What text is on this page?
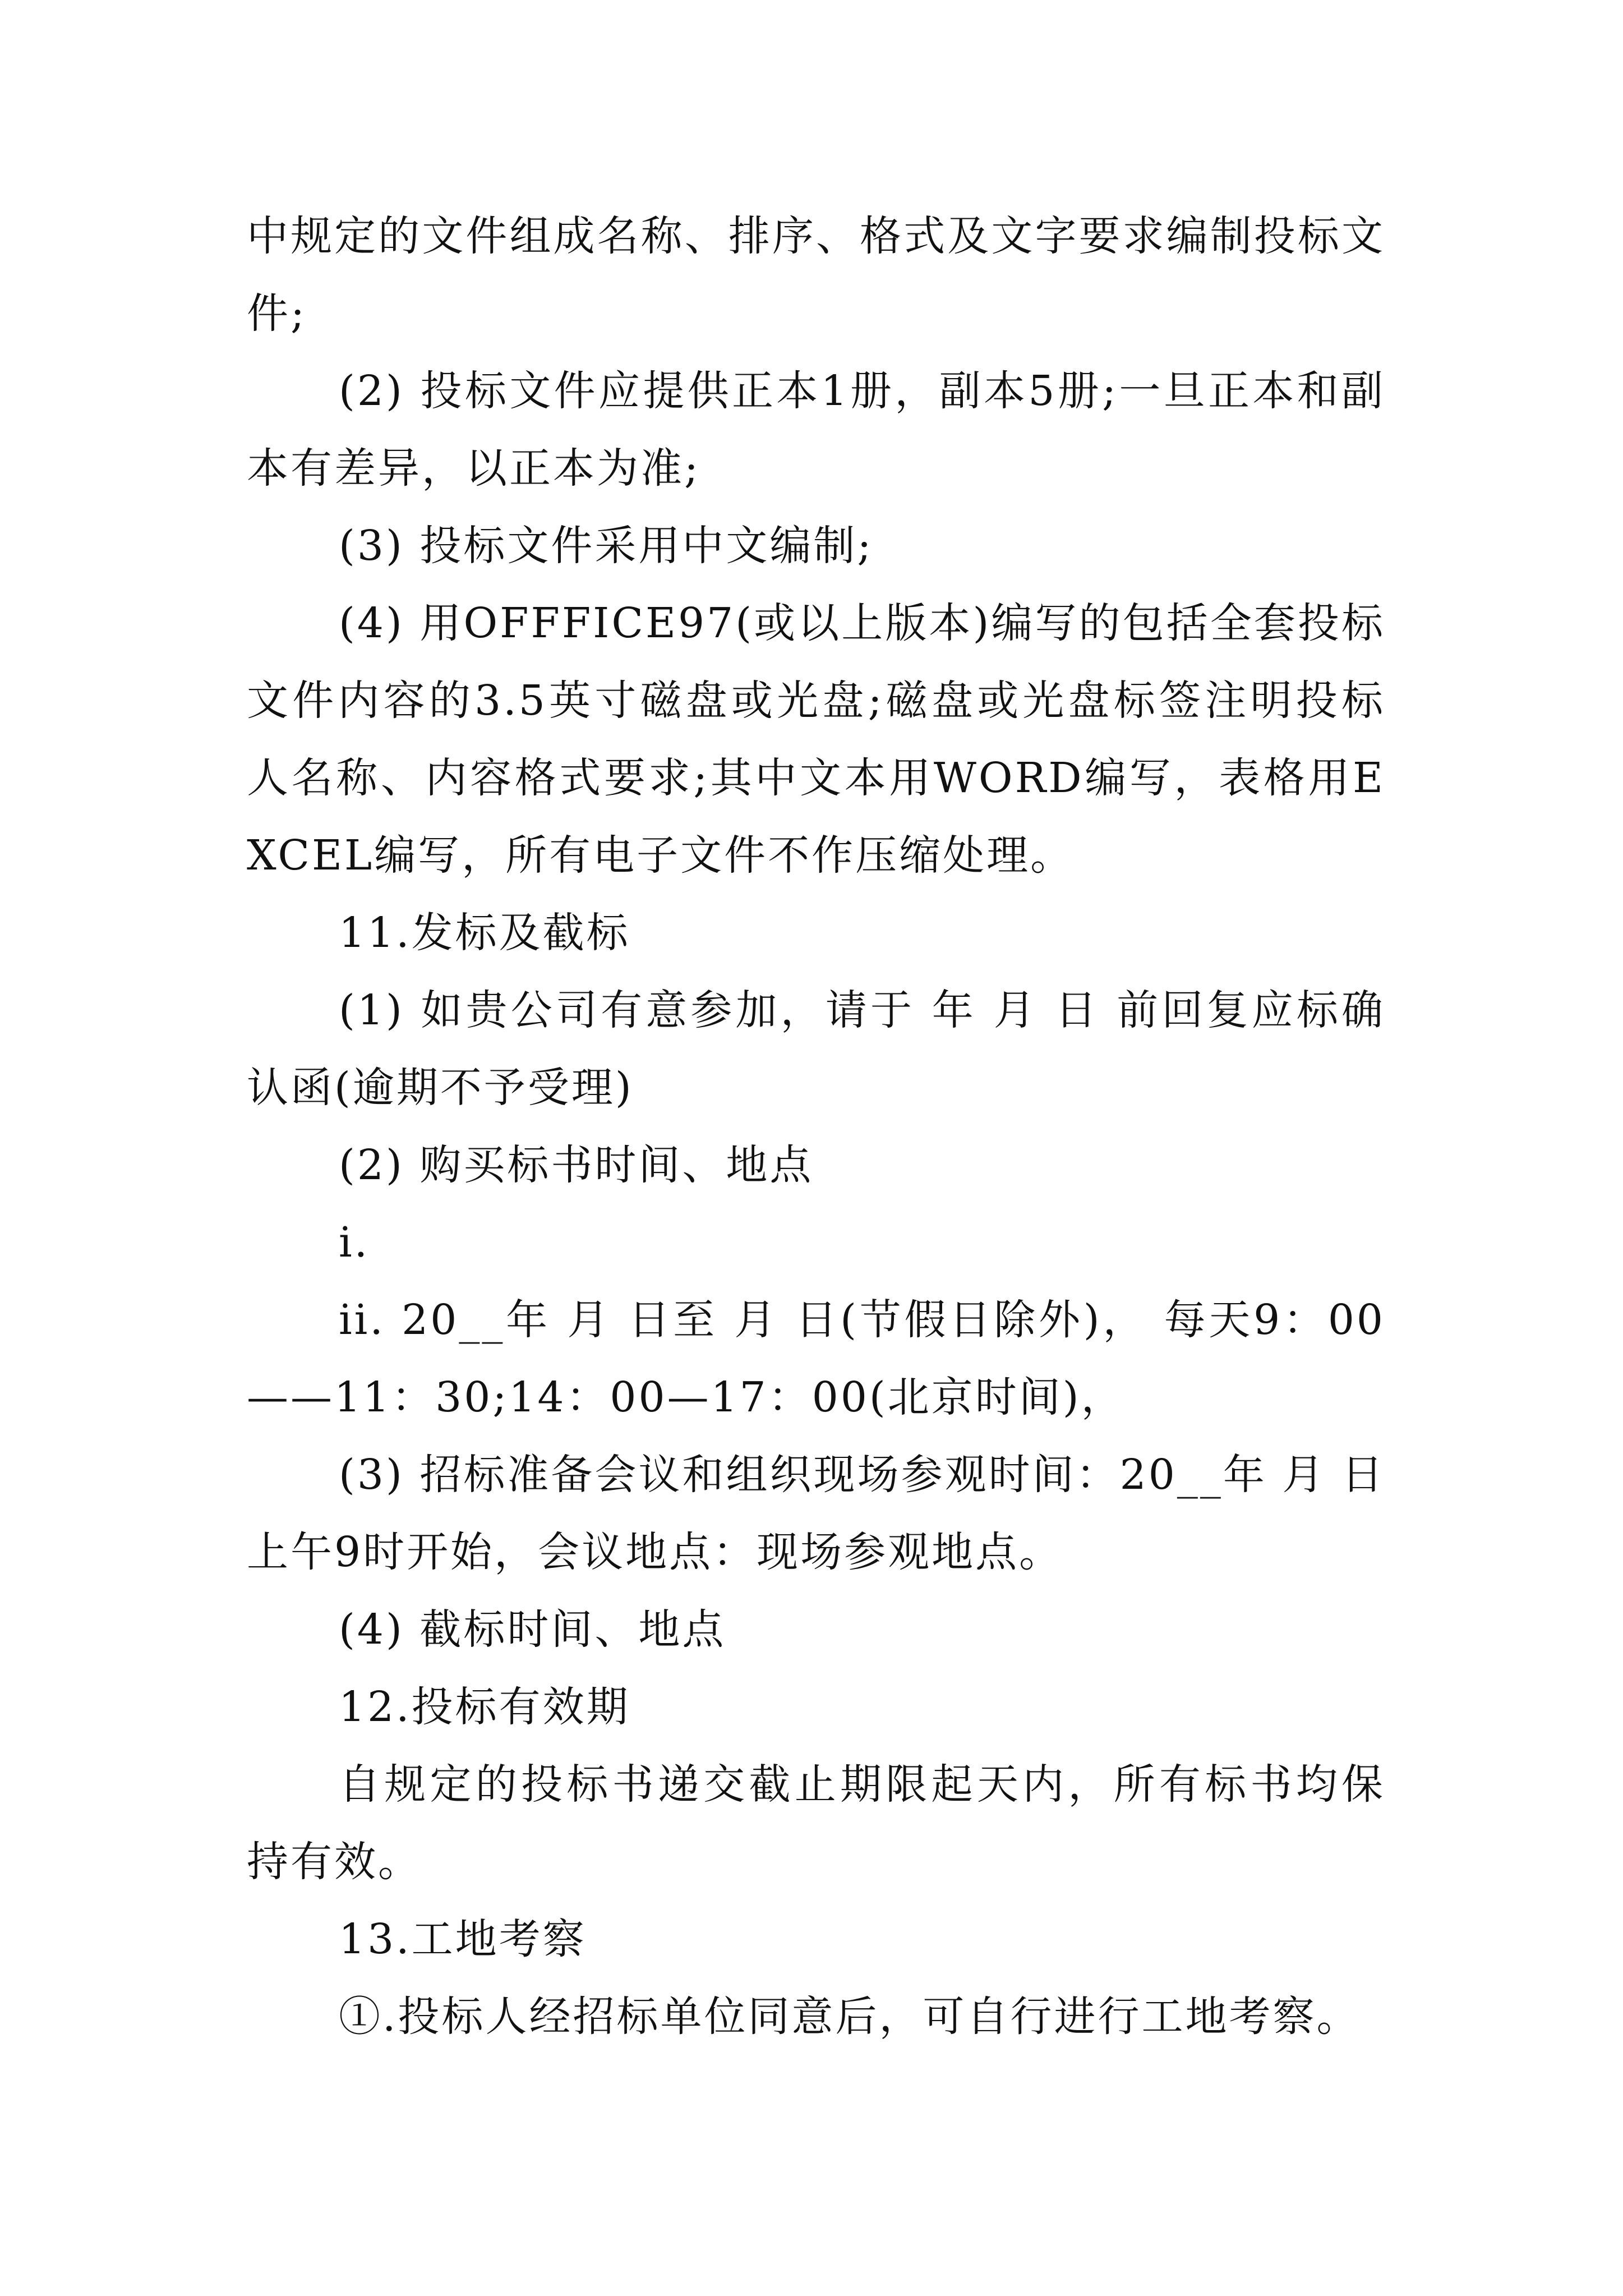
中规定的文件组成名称、排序、格式及文字要求编制投标文件;

(2) 投标文件应提供正本1册，副本5册;一旦正本和副本有差异，以正本为准;

(3) 投标文件采用中文编制;

(4) 用OFFFICE97(或以上版本)编写的包括全套投标文件内容的3.5英寸磁盘或光盘;磁盘或光盘标签注明投标人名称、内容格式要求;其中文本用WORD编写，表格用EXCEL编写，所有电子文件不作压缩处理。

11.发标及截标

(1) 如贵公司有意参加，请于 年 月 日 前回复应标确认函(逾期不予受理)

(2) 购买标书时间、地点

i.

ii. 20__年 月 日至 月 日(节假日除外)， 每天9：00——11：30;14：00—17：00(北京时间)，

(3) 招标准备会议和组织现场参观时间：20__年 月 日上午9时开始，会议地点：现场参观地点。

(4) 截标时间、地点

12.投标有效期

自规定的投标书递交截止期限起天内，所有标书均保持有效。

13.工地考察

①.投标人经招标单位同意后，可自行进行工地考察。
